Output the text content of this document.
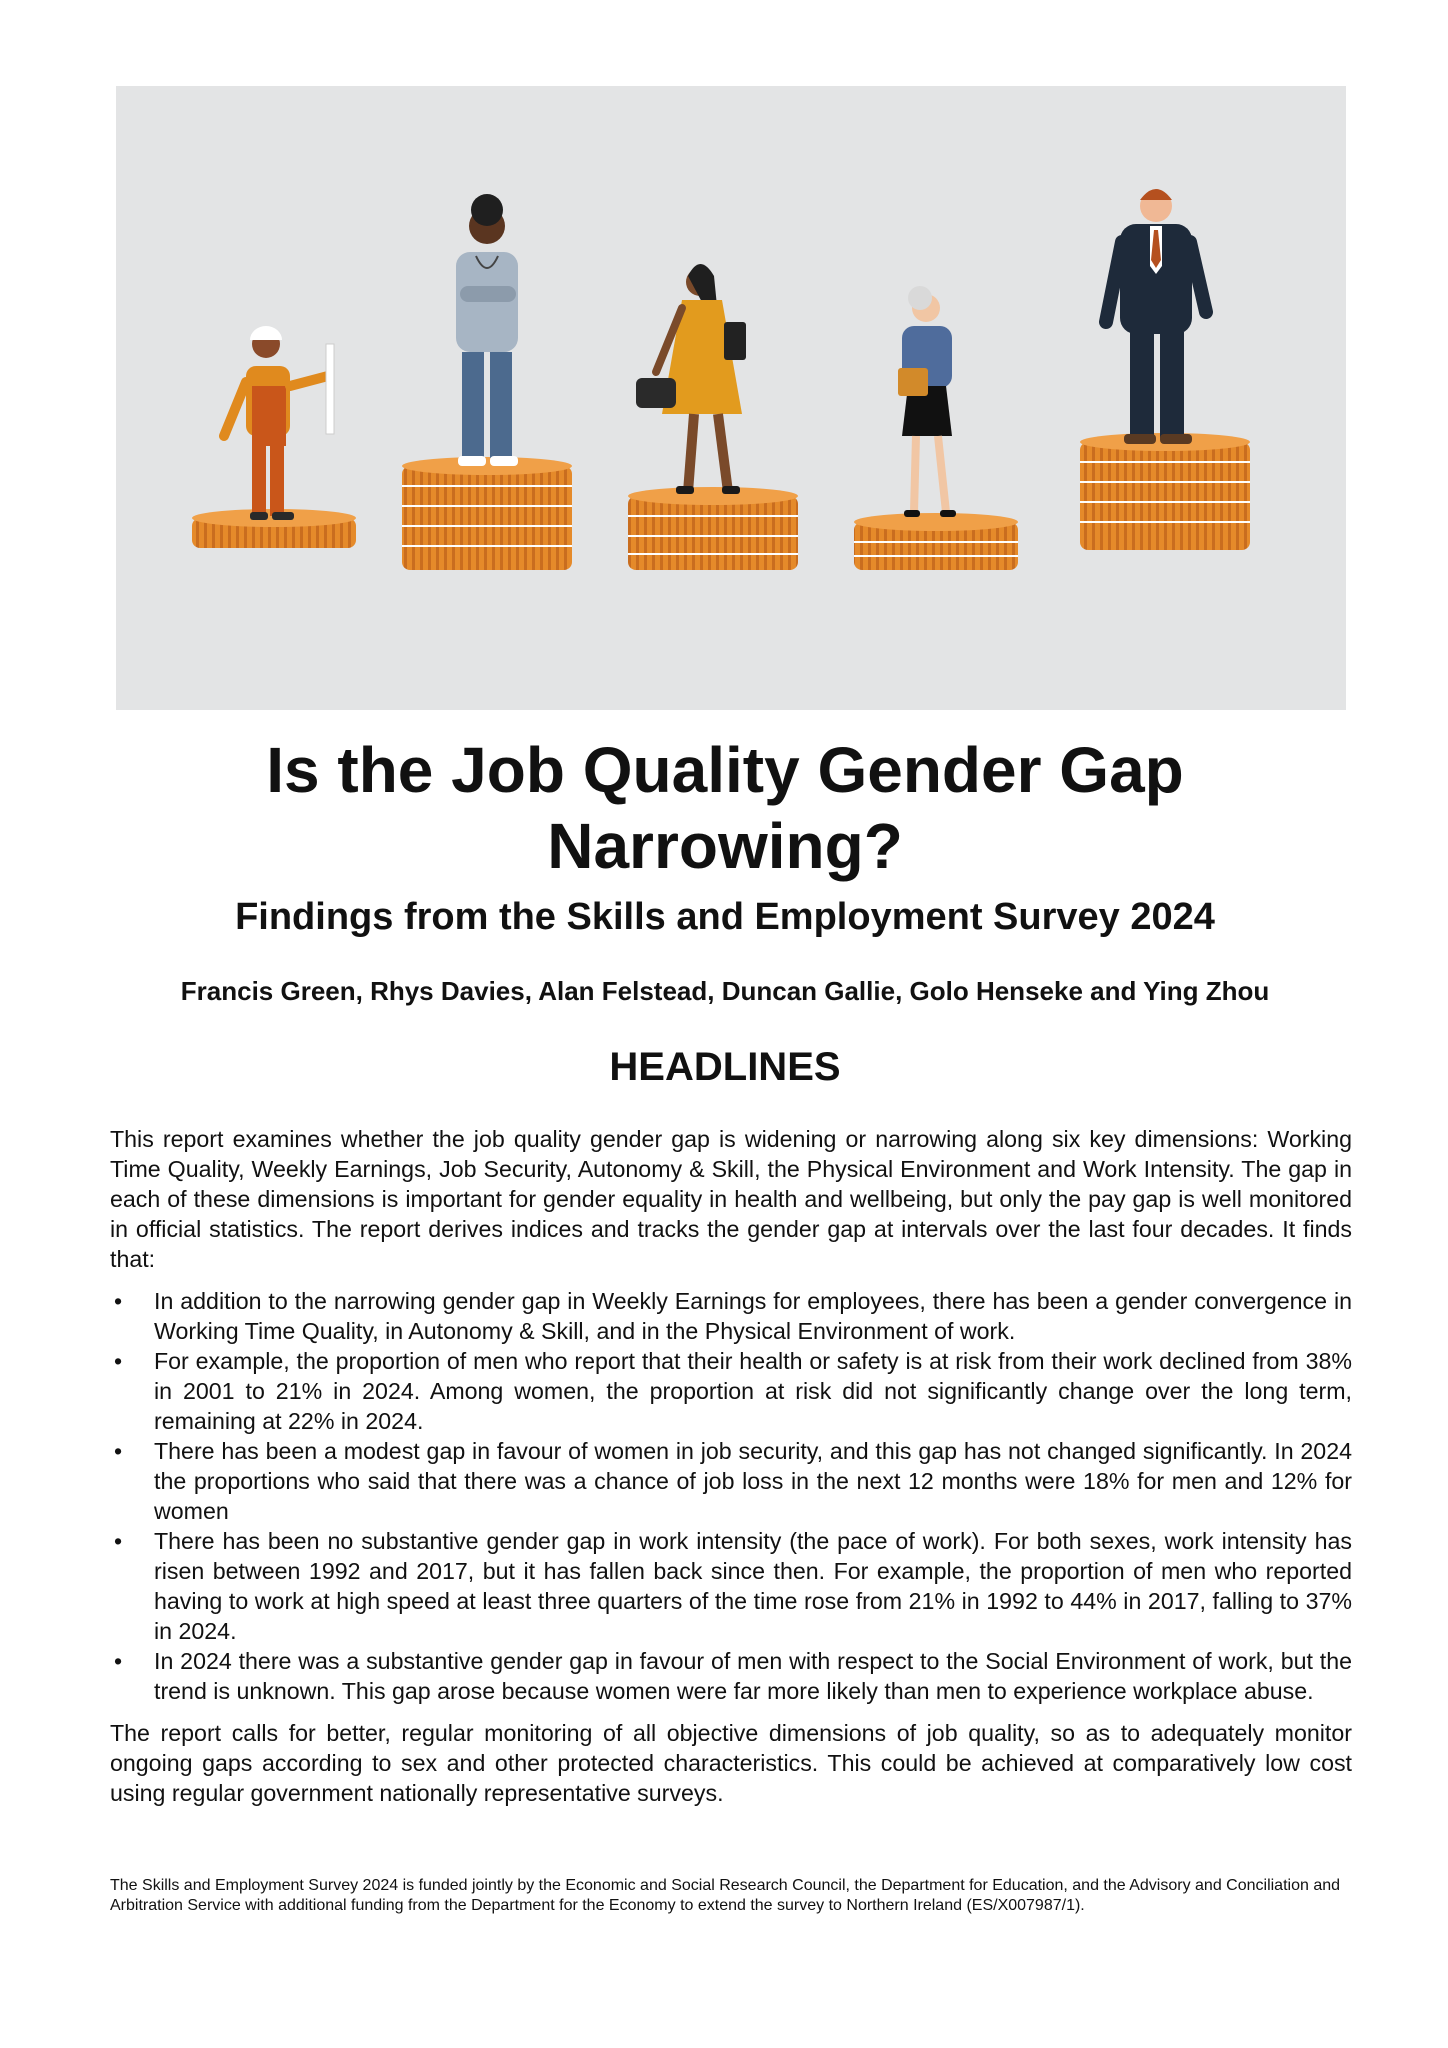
Is the Job Quality Gender Gap Narrowing?
Findings from the Skills and Employment Survey 2024

Francis Green, Rhys Davies, Alan Felstead, Duncan Gallie, Golo Henseke and Ying Zhou

HEADLINES

This report examines whether the job quality gender gap is widening or narrowing along six key dimensions: Working Time Quality, Weekly Earnings, Job Security, Autonomy & Skill, the Physical Environment and Work Intensity. The gap in each of these dimensions is important for gender equality in health and wellbeing, but only the pay gap is well monitored in official statistics. The report derives indices and tracks the gender gap at intervals over the last four decades. It finds that:

• In addition to the narrowing gender gap in Weekly Earnings for employees, there has been a gender convergence in Working Time Quality, in Autonomy & Skill, and in the Physical Environment of work.
• For example, the proportion of men who report that their health or safety is at risk from their work declined from 38% in 2001 to 21% in 2024. Among women, the proportion at risk did not significantly change over the long term, remaining at 22% in 2024.
• There has been a modest gap in favour of women in job security, and this gap has not changed significantly. In 2024 the proportions who said that there was a chance of job loss in the next 12 months were 18% for men and 12% for women
• There has been no substantive gender gap in work intensity (the pace of work). For both sexes, work intensity has risen between 1992 and 2017, but it has fallen back since then. For example, the proportion of men who reported having to work at high speed at least three quarters of the time rose from 21% in 1992 to 44% in 2017, falling to 37% in 2024.
• In 2024 there was a substantive gender gap in favour of men with respect to the Social Environment of work, but the trend is unknown. This gap arose because women were far more likely than men to experience workplace abuse.

The report calls for better, regular monitoring of all objective dimensions of job quality, so as to adequately monitor ongoing gaps according to sex and other protected characteristics. This could be achieved at comparatively low cost using regular government nationally representative surveys.

The Skills and Employment Survey 2024 is funded jointly by the Economic and Social Research Council, the Department for Education, and the Advisory and Conciliation and Arbitration Service with additional funding from the Department for the Economy to extend the survey to Northern Ireland (ES/X007987/1).
